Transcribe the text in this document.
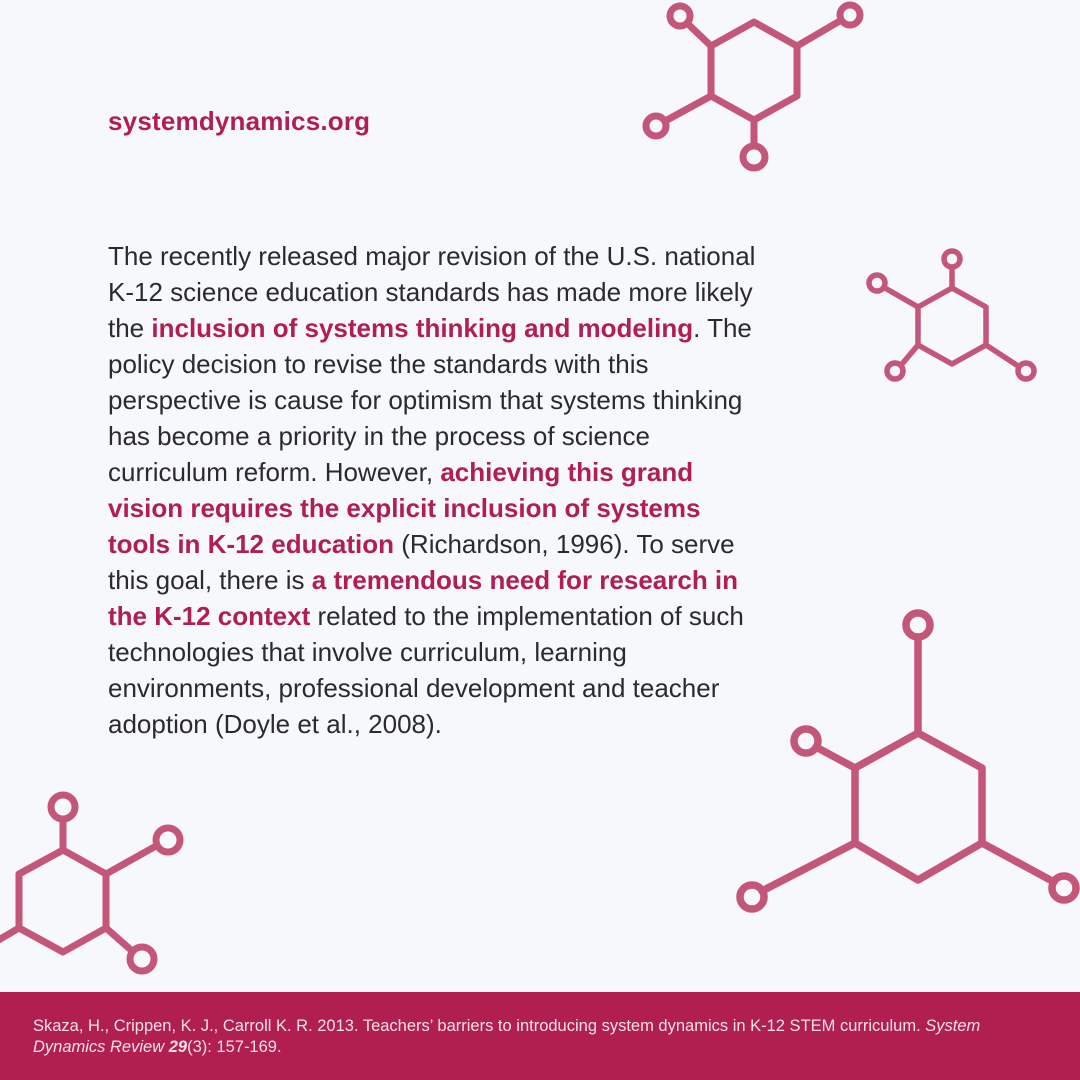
systemdynamics.org
The recently released major revision of the U.S. national K-12 science education standards has made more likely the inclusion of systems thinking and modeling. The policy decision to revise the standards with this perspective is cause for optimism that systems thinking has become a priority in the process of science curriculum reform. However, achieving this grand vision requires the explicit inclusion of systems tools in K-12 education (Richardson, 1996). To serve this goal, there is a tremendous need for research in the K-12 context related to the implementation of such technologies that involve curriculum, learning environments, professional development and teacher adoption (Doyle et al., 2008).
Skaza, H., Crippen, K. J., Carroll K. R. 2013. Teachers’ barriers to introducing system dynamics in K-12 STEM curriculum. System Dynamics Review 29(3): 157-169.
